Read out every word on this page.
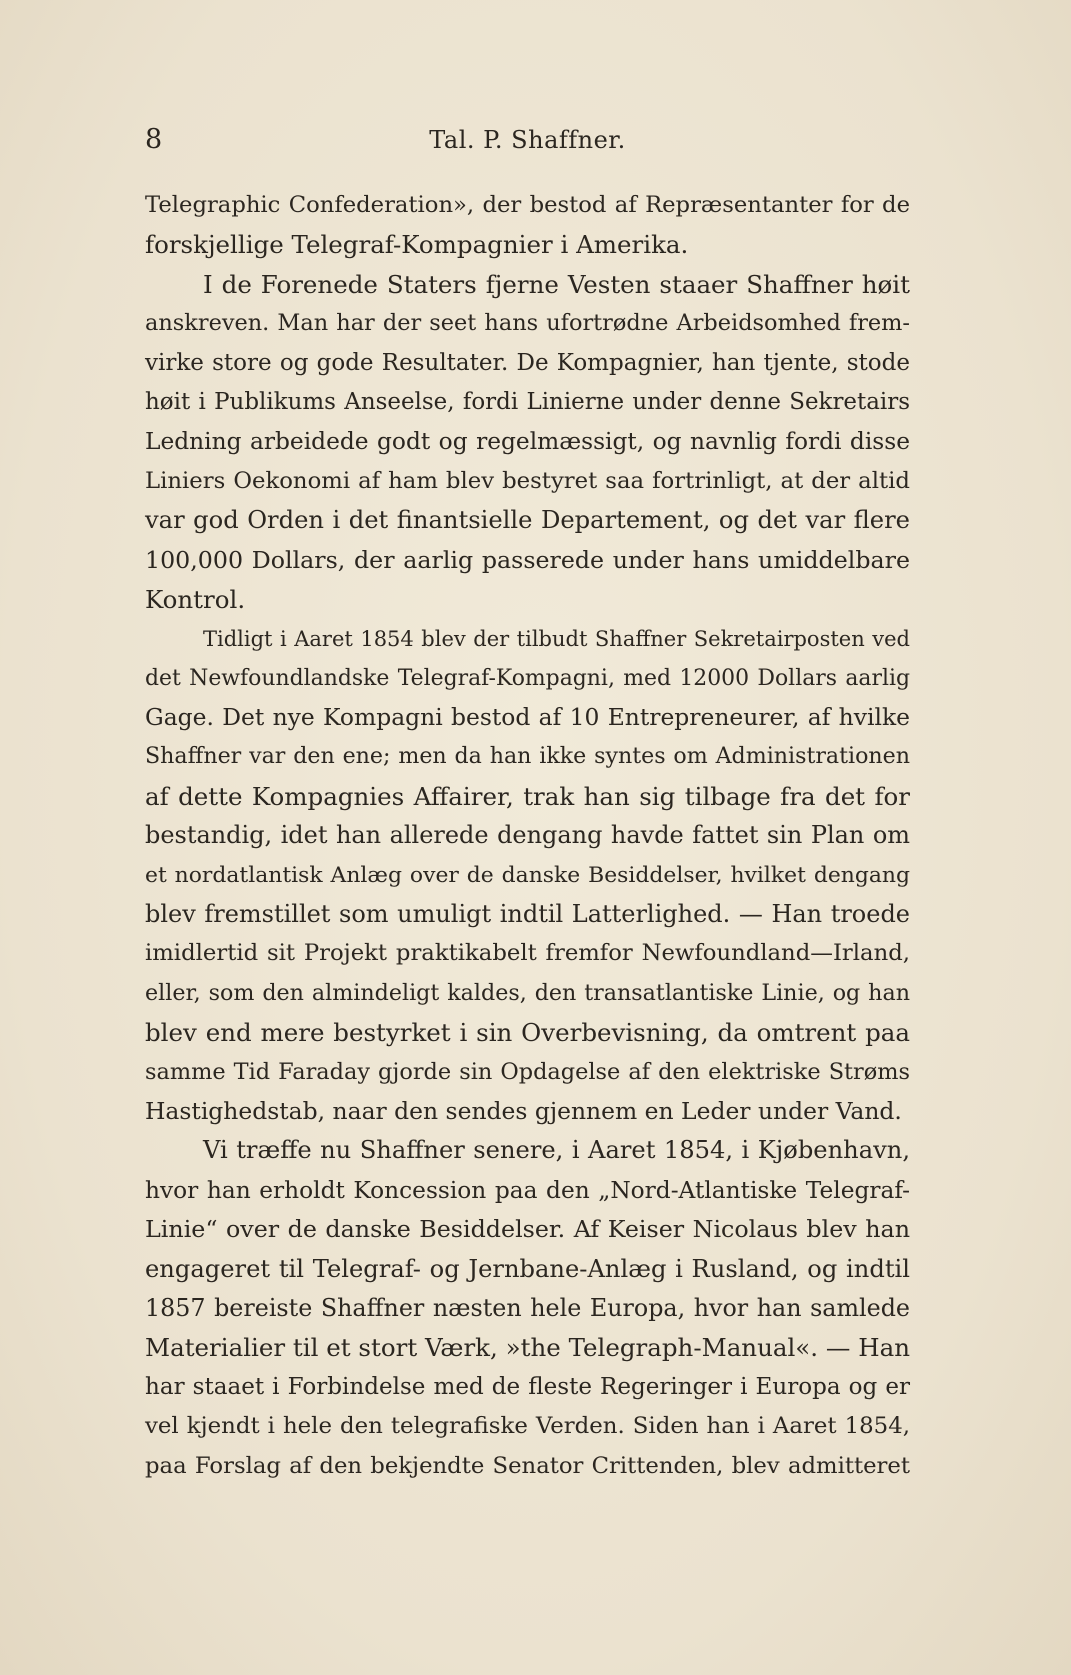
8	Tal. P. Shaffner.
Telegraphic Confederation», der bestod af Repræsentanter for de
forskjellige Telegraf-Kompagnier i Amerika.
I de Forenede Staters fjerne Vesten staaer Shaffner høit
anskreven. Man har der seet hans ufortrødne Arbeidsomhed frem-
virke store og gode Resultater. De Kompagnier, han tjente, stode
høit i Publikums Anseelse, fordi Linierne under denne Sekretairs
Ledning arbeidede godt og regelmæssigt, og navnlig fordi disse
Liniers Oekonomi af ham blev bestyret saa fortrinligt, at der altid
var god Orden i det finantsielle Departement, og det var flere
100,000 Dollars, der aarlig passerede under hans umiddelbare
Kontrol.
Tidligt i Aaret 1854 blev der tilbudt Shaffner Sekretairposten ved
det Newfoundlandske Telegraf-Kompagni, med 12000 Dollars aarlig
Gage. Det nye Kompagni bestod af 10 Entrepreneurer, af hvilke
Shaffner var den ene; men da han ikke syntes om Administrationen
af dette Kompagnies Affairer, trak han sig tilbage fra det for
bestandig, idet han allerede dengang havde fattet sin Plan om
et nordatlantisk Anlæg over de danske Besiddelser, hvilket dengang
blev fremstillet som umuligt indtil Latterlighed. — Han troede
imidlertid sit Projekt praktikabelt fremfor Newfoundland—Irland,
eller, som den almindeligt kaldes, den transatlantiske Linie, og han
blev end mere bestyrket i sin Overbevisning, da omtrent paa
samme Tid Faraday gjorde sin Opdagelse af den elektriske Strøms
Hastighedstab, naar den sendes gjennem en Leder under Vand.
Vi træffe nu Shaffner senere, i Aaret 1854, i Kjøbenhavn,
hvor han erholdt Koncession paa den „Nord-Atlantiske Telegraf-
Linie“ over de danske Besiddelser. Af Keiser Nicolaus blev han
engageret til Telegraf- og Jernbane-Anlæg i Rusland, og indtil
1857 bereiste Shaffner næsten hele Europa, hvor han samlede
Materialier til et stort Værk, »the Telegraph-Manual«. — Han
har staaet i Forbindelse med de fleste Regeringer i Europa og er
vel kjendt i hele den telegrafiske Verden. Siden han i Aaret 1854,
paa Forslag af den bekjendte Senator Crittenden, blev admitteret
